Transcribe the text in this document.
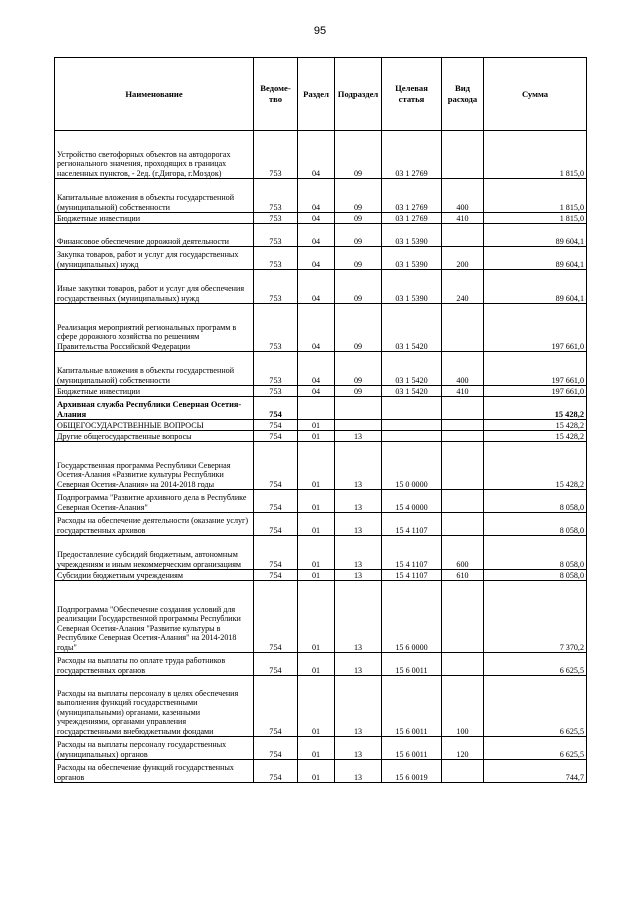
95
Наименование	Ведоме-тво	Раздел	Подраздел	Целевая статья	Вид расхода	Сумма
Устройство светофорных объектов на автодорогах регионального значения, проходящих в границах населенных пунктов, - 2ед. (г.Дигора, г.Моздок)	753	04	09	03 1 2769		1 815,0
Капитальные вложения в объекты государственной (муниципальной) собственности	753	04	09	03 1 2769	400	1 815,0
Бюджетные инвестиции	753	04	09	03 1 2769	410	1 815,0
Финансовое обеспечение дорожной деятельности	753	04	09	03 1 5390		89 604,1
Закупка товаров, работ и услуг для государственных (муниципальных) нужд	753	04	09	03 1 5390	200	89 604,1
Иные закупки товаров, работ и услуг для обеспечения государственных (муниципальных) нужд	753	04	09	03 1 5390	240	89 604,1
Реализация мероприятий региональных программ в сфере дорожного хозяйства по решениям Правительства Российской Федерации	753	04	09	03 1 5420		197 661,0
Капитальные вложения в объекты государственной (муниципальной) собственности	753	04	09	03 1 5420	400	197 661,0
Бюджетные инвестиции	753	04	09	03 1 5420	410	197 661,0
Архивная служба Республики Северная Осетия-Алания	754					15 428,2
ОБЩЕГОСУДАРСТВЕННЫЕ ВОПРОСЫ	754	01				15 428,2
Другие общегосударственные вопросы	754	01	13			15 428,2
Государственная программа Республики Северная Осетия-Алания «Развитие культуры Республики Северная Осетия-Алания» на 2014-2018 годы	754	01	13	15 0 0000		15 428,2
Подпрограмма "Развитие архивного дела в Республике Северная Осетия-Алания"	754	01	13	15 4 0000		8 058,0
Расходы на обеспечение деятельности (оказание услуг) государственных архивов	754	01	13	15 4 1107		8 058,0
Предоставление субсидий бюджетным, автономным учреждениям и иным некоммерческим организациям	754	01	13	15 4 1107	600	8 058,0
Субсидии бюджетным учреждениям	754	01	13	15 4 1107	610	8 058,0
Подпрограмма "Обеспечение создания условий для реализации Государственной программы Республики Северная Осетия-Алания "Развитие культуры в Республике Северная Осетия-Алания" на 2014-2018 годы"	754	01	13	15 6 0000		7 370,2
Расходы на выплаты по оплате труда работников государственных органов	754	01	13	15 6 0011		6 625,5
Расходы на выплаты персоналу в целях обеспечения выполнения функций государственными (муниципальными) органами, казенными учреждениями, органами управления государственными внебюджетными фондами	754	01	13	15 6 0011	100	6 625,5
Расходы на выплаты персоналу государственных (муниципальных) органов	754	01	13	15 6 0011	120	6 625,5
Расходы на обеспечение функций государственных органов	754	01	13	15 6 0019		744,7
